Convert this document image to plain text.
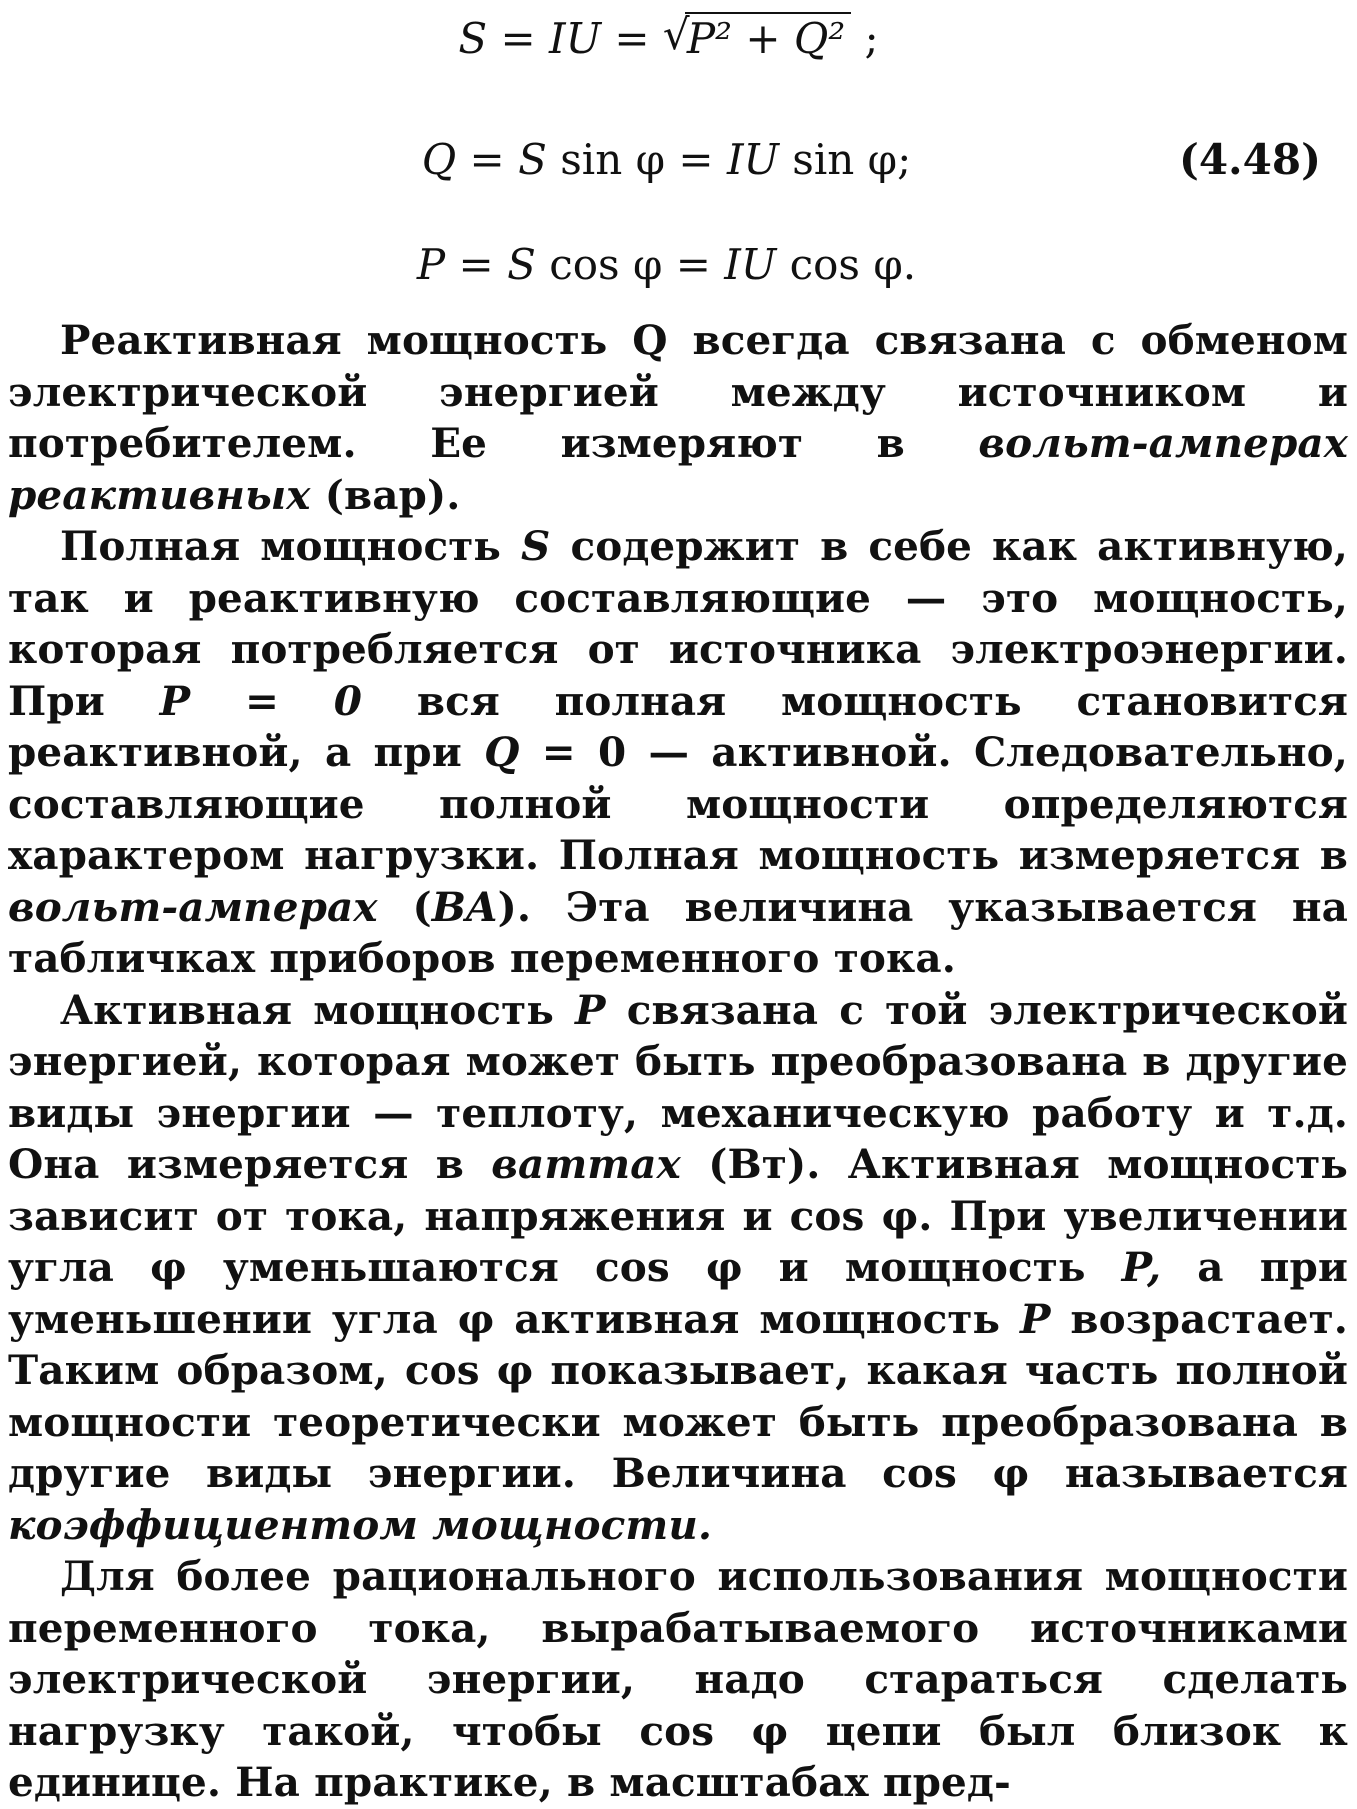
S = IU = √
P² + Q² ;
Q = S sin φ = IU sin φ;	(4.48)
P = S cos φ = IU cos φ.

Реактивная мощность Q всегда связана с обменом электрической энергией между источником и потребителем. Ее измеряют в вольт-амперах реактивных (вар).

Полная мощность S содержит в себе как активную, так и реактивную составляющие — это мощность, которая потребляется от источника электроэнергии. При P = 0 вся полная мощность становится реактивной, а при Q = 0 — активной. Следовательно, составляющие полной мощности определяются характером нагрузки. Полная мощность измеряется в вольт-амперах (BA). Эта величина указывается на табличках приборов переменного тока.

Активная мощность P связана с той электрической энергией, которая может быть преобразована в другие виды энергии — теплоту, механическую работу и т.д. Она измеряется в ваттах (Вт). Активная мощность зависит от тока, напряжения и cos φ. При увеличении угла φ уменьшаются cos φ и мощность P, а при уменьшении угла φ активная мощность P возрастает. Таким образом, cos φ показывает, какая часть полной мощности теоретически может быть преобразована в другие виды энергии. Величина cos φ называется коэффициентом мощности.

Для более рационального использования мощности переменного тока, вырабатываемого источниками электрической энергии, надо стараться сделать нагрузку такой, чтобы cos φ цепи был близок к единице. На практике, в масштабах пред-
